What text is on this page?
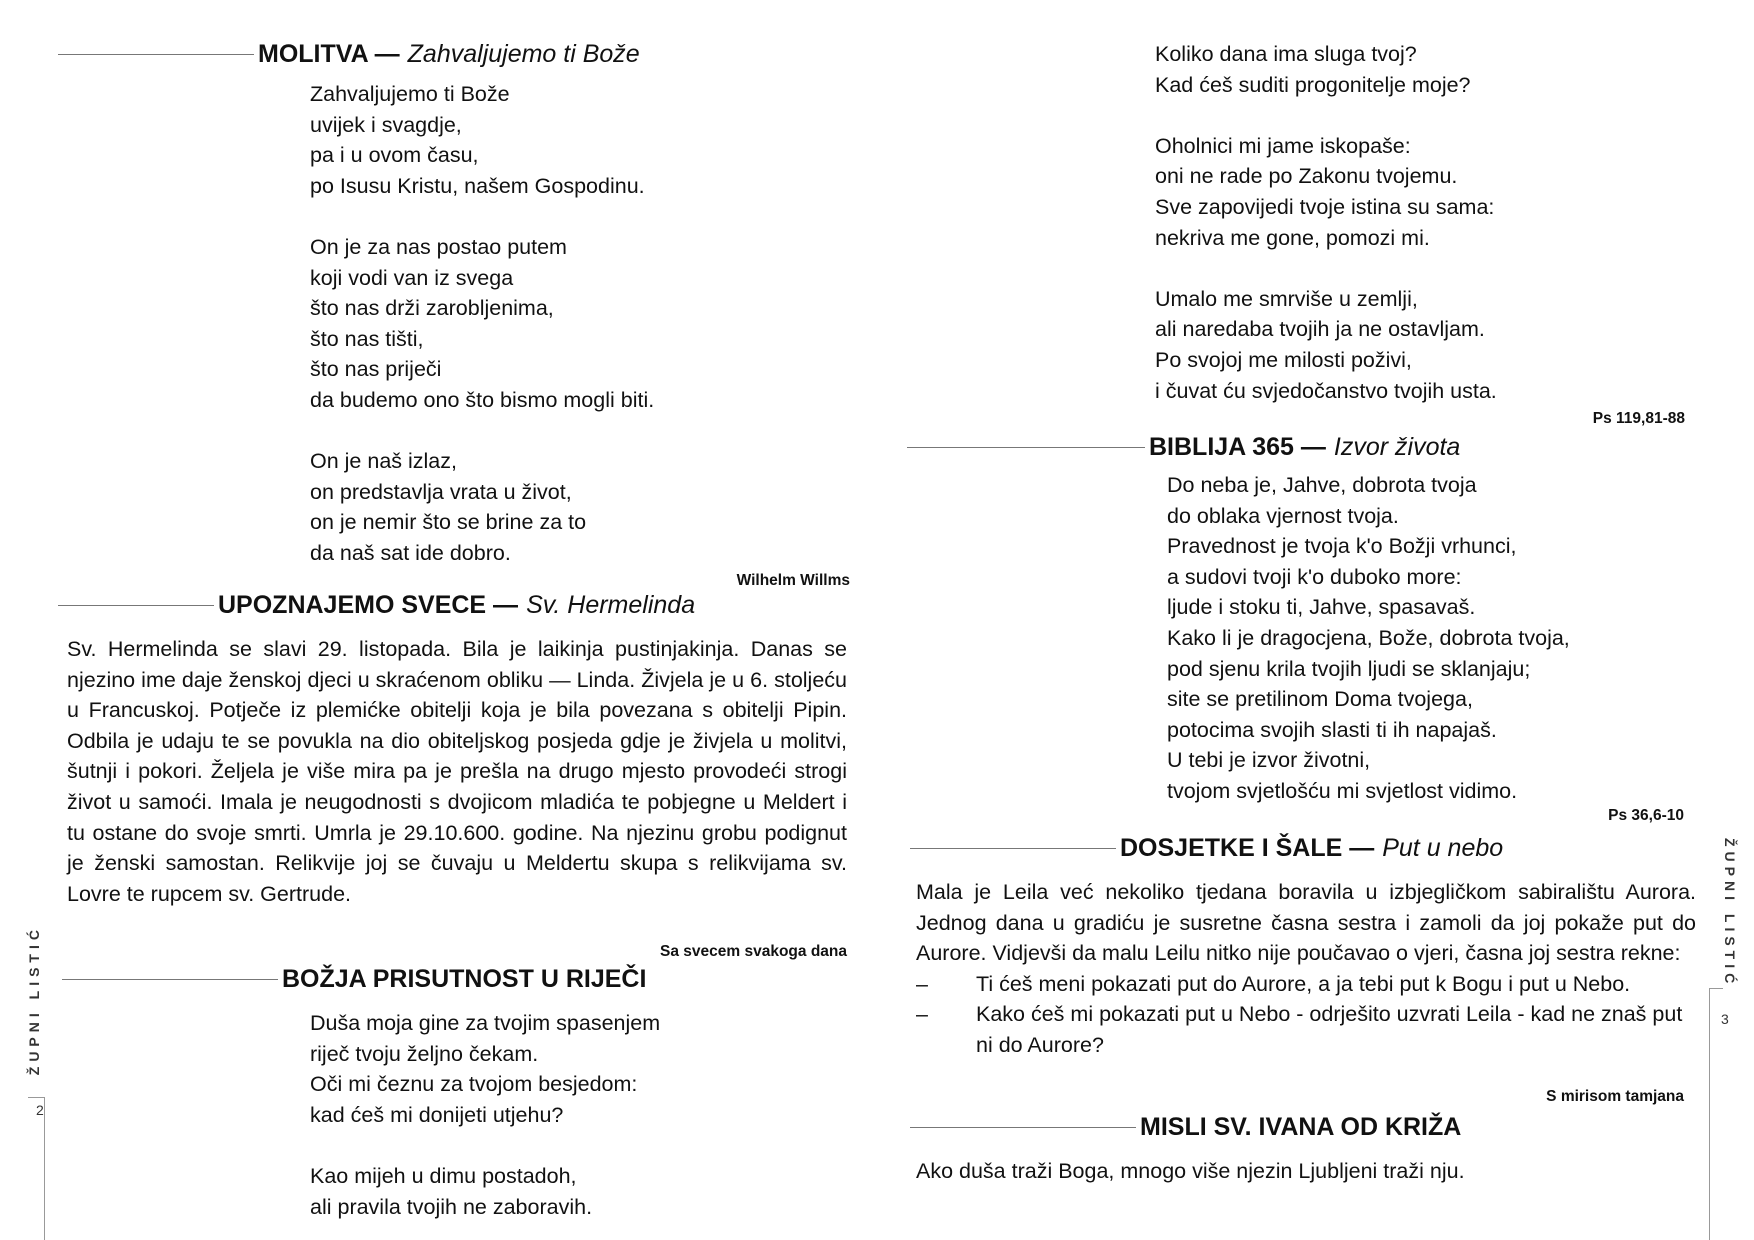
MOLITVA — Zahvaljujemo ti Bože
Zahvaljujemo ti Bože
uvijek i svagdje,
pa i u ovom času,
po Isusu Kristu, našem Gospodinu.
On je za nas postao putem
koji vodi van iz svega
što nas drži zarobljenima,
što nas tišti,
što nas priječi
da budemo ono što bismo mogli biti.
On je naš izlaz,
on predstavlja vrata u život,
on je nemir što se brine za to
da naš sat ide dobro.
Wilhelm Willms
UPOZNAJEMO SVECE — Sv. Hermelinda

Sv. Hermelinda se slavi 29. listopada. Bila je laikinja pustinjakinja. Danas se njezino ime daje ženskoj djeci u skraćenom obliku — Linda. Živjela je u 6. stoljeću u Francuskoj. Potječe iz plemićke obitelji koja je bila povezana s obitelji Pipin. Odbila je udaju te se povukla na dio obiteljskog posjeda gdje je živjela u molitvi, šutnji i pokori. Željela je više mira pa je prešla na drugo mjesto provodeći strogi život u samoći. Imala je neugodnosti s dvojicom mladića te pobjegne u Meldert i tu ostane do svoje smrti. Umrla je 29.10.600. godine. Na njezinu grobu podignut je ženski samostan. Relikvije joj se čuvaju u Meldertu skupa s relikvijama sv. Lovre te rupcem sv. Gertrude.

Sa svecem svakoga dana
BOŽJA PRISUTNOST U RIJEČI
Duša moja gine za tvojim spasenjem
riječ tvoju željno čekam.
Oči mi čeznu za tvojom besjedom:
kad ćeš mi donijeti utjehu?
Kao mijeh u dimu postadoh,
ali pravila tvojih ne zaboravih.
ŽUPNI LISTIĆ
2
Koliko dana ima sluga tvoj?
Kad ćeš suditi progonitelje moje?
Oholnici mi jame iskopaše:
oni ne rade po Zakonu tvojemu.
Sve zapovijedi tvoje istina su sama:
nekriva me gone, pomozi mi.
Umalo me smrviše u zemlji,
ali naredaba tvojih ja ne ostavljam.
Po svojoj me milosti poživi,
i čuvat ću svjedočanstvo tvojih usta.
Ps 119,81-88
BIBLIJA 365 — Izvor života
Do neba je, Jahve, dobrota tvoja
do oblaka vjernost tvoja.
Pravednost je tvoja k'o Božji vrhunci,
a sudovi tvoji k'o duboko more:
ljude i stoku ti, Jahve, spasavaš.
Kako li je dragocjena, Bože, dobrota tvoja,
pod sjenu krila tvojih ljudi se sklanjaju;
site se pretilinom Doma tvojega,
potocima svojih slasti ti ih napajaš.
U tebi je izvor životni,
tvojom svjetlošću mi svjetlost vidimo.
Ps 36,6-10
DOSJETKE I ŠALE — Put u nebo
Mala je Leila već nekoliko tjedana boravila u izbjegličkom sabiralištu Aurora. Jednog dana u gradiću je susretne časna sestra i zamoli da joj pokaže put do Aurore. Vidjevši da malu Leilu nitko nije poučavao o vjeri, časna joj sestra rekne:
–	Ti ćeš meni pokazati put do Aurore, a ja tebi put k Bogu i put u Nebo.
–	Kako ćeš mi pokazati put u Nebo - odrješito uzvrati Leila - kad ne znaš put ni do Aurore?
S mirisom tamjana
MISLI SV. IVANA OD KRIŽA
Ako duša traži Boga, mnogo više njezin Ljubljeni traži nju.
ŽUPNI LISTIĆ
3
